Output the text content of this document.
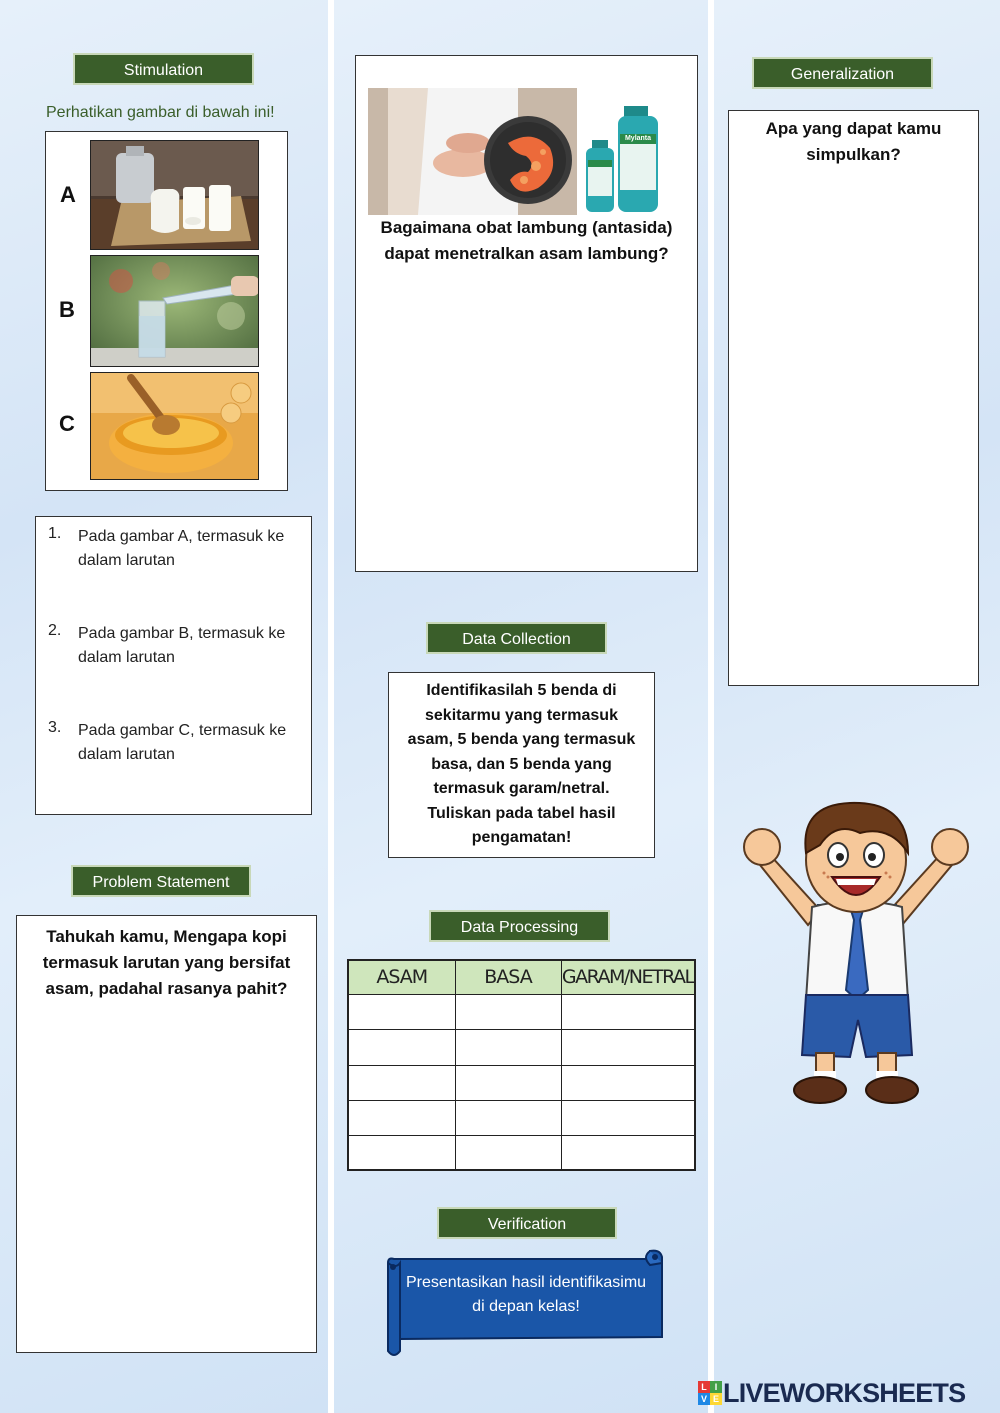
Stimulation
Perhatikan gambar di bawah ini!
A
B
C
1. Pada gambar A, termasuk ke dalam larutan
2. Pada gambar B, termasuk ke dalam larutan
3. Pada gambar C, termasuk ke dalam larutan
Problem Statement
Tahukah kamu, Mengapa kopi termasuk larutan yang bersifat asam, padahal rasanya pahit?
Mylanta
Bagaimana obat lambung (antasida) dapat menetralkan asam lambung?
Data Collection
Identifikasilah 5 benda di sekitarmu yang termasuk asam, 5 benda yang termasuk basa, dan 5 benda yang termasuk garam/netral. Tuliskan pada tabel hasil pengamatan!
Data Processing
ASAM	BASA	GARAM/NETRAL

Verification
Presentasikan hasil identifikasimu di depan kelas!
Generalization
Apa yang dapat kamu simpulkan?
L I
V E LIVEWORKSHEETS
